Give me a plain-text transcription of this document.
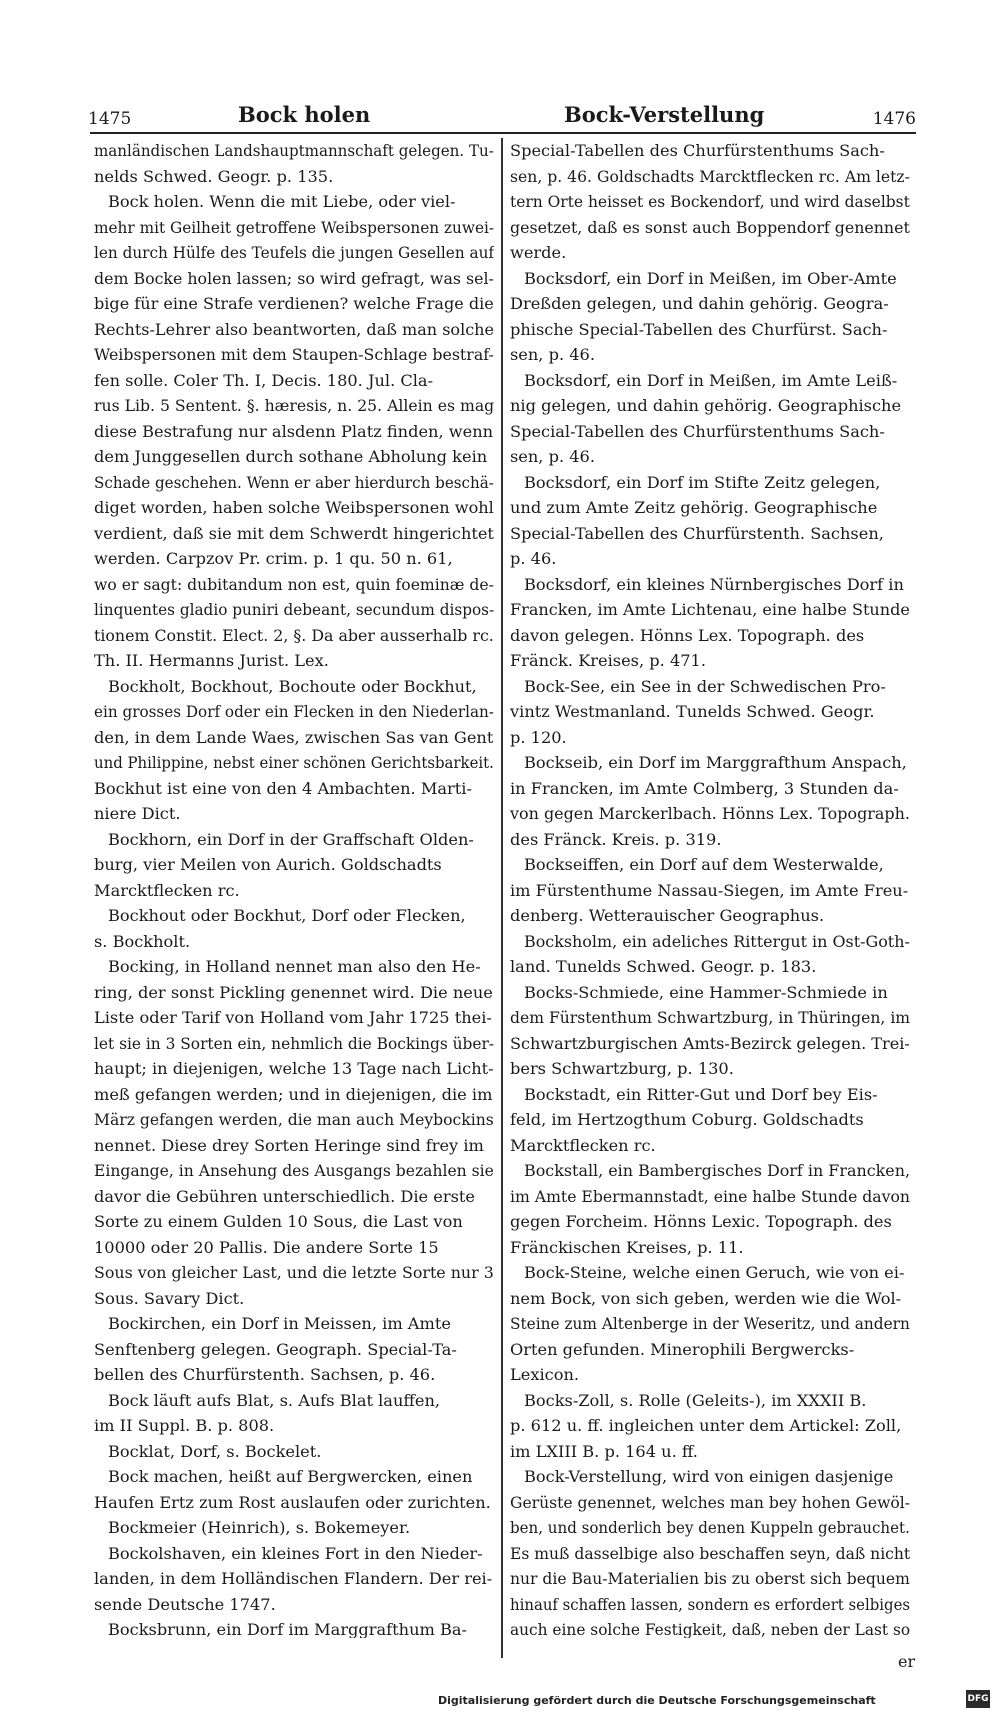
1475	Bock holen	Bock-Verstellung	1476
manländischen Landshauptmannschaft gelegen. Tu-
nelds Schwed. Geogr. p. 135.
Bock holen. Wenn die mit Liebe, oder viel-
mehr mit Geilheit getroffene Weibspersonen zuwei-
len durch Hülfe des Teufels die jungen Gesellen auf
dem Bocke holen lassen; so wird gefragt, was sel-
bige für eine Strafe verdienen? welche Frage die
Rechts-Lehrer also beantworten, daß man solche
Weibspersonen mit dem Staupen-Schlage bestraf-
fen solle. Coler Th. I, Decis. 180. Jul. Cla-
rus Lib. 5 Sentent. §. hæresis, n. 25. Allein es mag
diese Bestrafung nur alsdenn Platz finden, wenn
dem Junggesellen durch sothane Abholung kein
Schade geschehen. Wenn er aber hierdurch beschä-
diget worden, haben solche Weibspersonen wohl
verdient, daß sie mit dem Schwerdt hingerichtet
werden. Carpzov Pr. crim. p. 1 qu. 50 n. 61,
wo er sagt: dubitandum non est, quin foeminæ de-
linquentes gladio puniri debeant, secundum dispos-
tionem Constit. Elect. 2, §. Da aber ausserhalb rc.
Th. II. Hermanns Jurist. Lex.
Bockholt, Bockhout, Bochoute oder Bockhut,
ein grosses Dorf oder ein Flecken in den Niederlan-
den, in dem Lande Waes, zwischen Sas van Gent
und Philippine, nebst einer schönen Gerichtsbarkeit.
Bockhut ist eine von den 4 Ambachten. Marti-
niere Dict.
Bockhorn, ein Dorf in der Graffschaft Olden-
burg, vier Meilen von Aurich. Goldschadts
Marcktflecken rc.
Bockhout oder Bockhut, Dorf oder Flecken,
s. Bockholt.
Bocking, in Holland nennet man also den He-
ring, der sonst Pickling genennet wird. Die neue
Liste oder Tarif von Holland vom Jahr 1725 thei-
let sie in 3 Sorten ein, nehmlich die Bockings über-
haupt; in diejenigen, welche 13 Tage nach Licht-
meß gefangen werden; und in diejenigen, die im
März gefangen werden, die man auch Meybockins
nennet. Diese drey Sorten Heringe sind frey im
Eingange, in Ansehung des Ausgangs bezahlen sie
davor die Gebühren unterschiedlich. Die erste
Sorte zu einem Gulden 10 Sous, die Last von
10000 oder 20 Pallis. Die andere Sorte 15
Sous von gleicher Last, und die letzte Sorte nur 3
Sous. Savary Dict.
Bockirchen, ein Dorf in Meissen, im Amte
Senftenberg gelegen. Geograph. Special-Ta-
bellen des Churfürstenth. Sachsen, p. 46.
Bock läuft aufs Blat, s. Aufs Blat lauffen,
im II Suppl. B. p. 808.
Bocklat, Dorf, s. Bockelet.
Bock machen, heißt auf Bergwercken, einen
Haufen Ertz zum Rost auslaufen oder zurichten.
Bockmeier (Heinrich), s. Bokemeyer.
Bockolshaven, ein kleines Fort in den Nieder-
landen, in dem Holländischen Flandern. Der rei-
sende Deutsche 1747.
Bocksbrunn, ein Dorf im Marggrafthum Ba-
Special-Tabellen des Churfürstenthums Sach-
sen, p. 46. Goldschadts Marcktflecken rc. Am letz-
tern Orte heisset es Bockendorf, und wird daselbst
gesetzet, daß es sonst auch Boppendorf genennet
werde.
Bocksdorf, ein Dorf in Meißen, im Ober-Amte
Dreßden gelegen, und dahin gehörig. Geogra-
phische Special-Tabellen des Churfürst. Sach-
sen, p. 46.
Bocksdorf, ein Dorf in Meißen, im Amte Leiß-
nig gelegen, und dahin gehörig. Geographische
Special-Tabellen des Churfürstenthums Sach-
sen, p. 46.
Bocksdorf, ein Dorf im Stifte Zeitz gelegen,
und zum Amte Zeitz gehörig. Geographische
Special-Tabellen des Churfürstenth. Sachsen,
p. 46.
Bocksdorf, ein kleines Nürnbergisches Dorf in
Francken, im Amte Lichtenau, eine halbe Stunde
davon gelegen. Hönns Lex. Topograph. des
Fränck. Kreises, p. 471.
Bock-See, ein See in der Schwedischen Pro-
vintz Westmanland. Tunelds Schwed. Geogr.
p. 120.
Bockseib, ein Dorf im Marggrafthum Anspach,
in Francken, im Amte Colmberg, 3 Stunden da-
von gegen Marckerlbach. Hönns Lex. Topograph.
des Fränck. Kreis. p. 319.
Bockseiffen, ein Dorf auf dem Westerwalde,
im Fürstenthume Nassau-Siegen, im Amte Freu-
denberg. Wetterauischer Geographus.
Bocksholm, ein adeliches Rittergut in Ost-Goth-
land. Tunelds Schwed. Geogr. p. 183.
Bocks-Schmiede, eine Hammer-Schmiede in
dem Fürstenthum Schwartzburg, in Thüringen, im
Schwartzburgischen Amts-Bezirck gelegen. Trei-
bers Schwartzburg, p. 130.
Bockstadt, ein Ritter-Gut und Dorf bey Eis-
feld, im Hertzogthum Coburg. Goldschadts
Marcktflecken rc.
Bockstall, ein Bambergisches Dorf in Francken,
im Amte Ebermannstadt, eine halbe Stunde davon
gegen Forcheim. Hönns Lexic. Topograph. des
Fränckischen Kreises, p. 11.
Bock-Steine, welche einen Geruch, wie von ei-
nem Bock, von sich geben, werden wie die Wol-
Steine zum Altenberge in der Weseritz, und andern
Orten gefunden. Minerophili Bergwercks-
Lexicon.
Bocks-Zoll, s. Rolle (Geleits-), im XXXII B.
p. 612 u. ff. ingleichen unter dem Artickel: Zoll,
im LXIII B. p. 164 u. ff.
Bock-Verstellung, wird von einigen dasjenige
Gerüste genennet, welches man bey hohen Gewöl-
ben, und sonderlich bey denen Kuppeln gebrauchet.
Es muß dasselbige also beschaffen seyn, daß nicht
nur die Bau-Materialien bis zu oberst sich bequem
hinauf schaffen lassen, sondern es erfordert selbiges
auch eine solche Festigkeit, daß, neben der Last so
er
Digitalisierung gefördert durch die Deutsche Forschungsgemeinschaft	DFG
